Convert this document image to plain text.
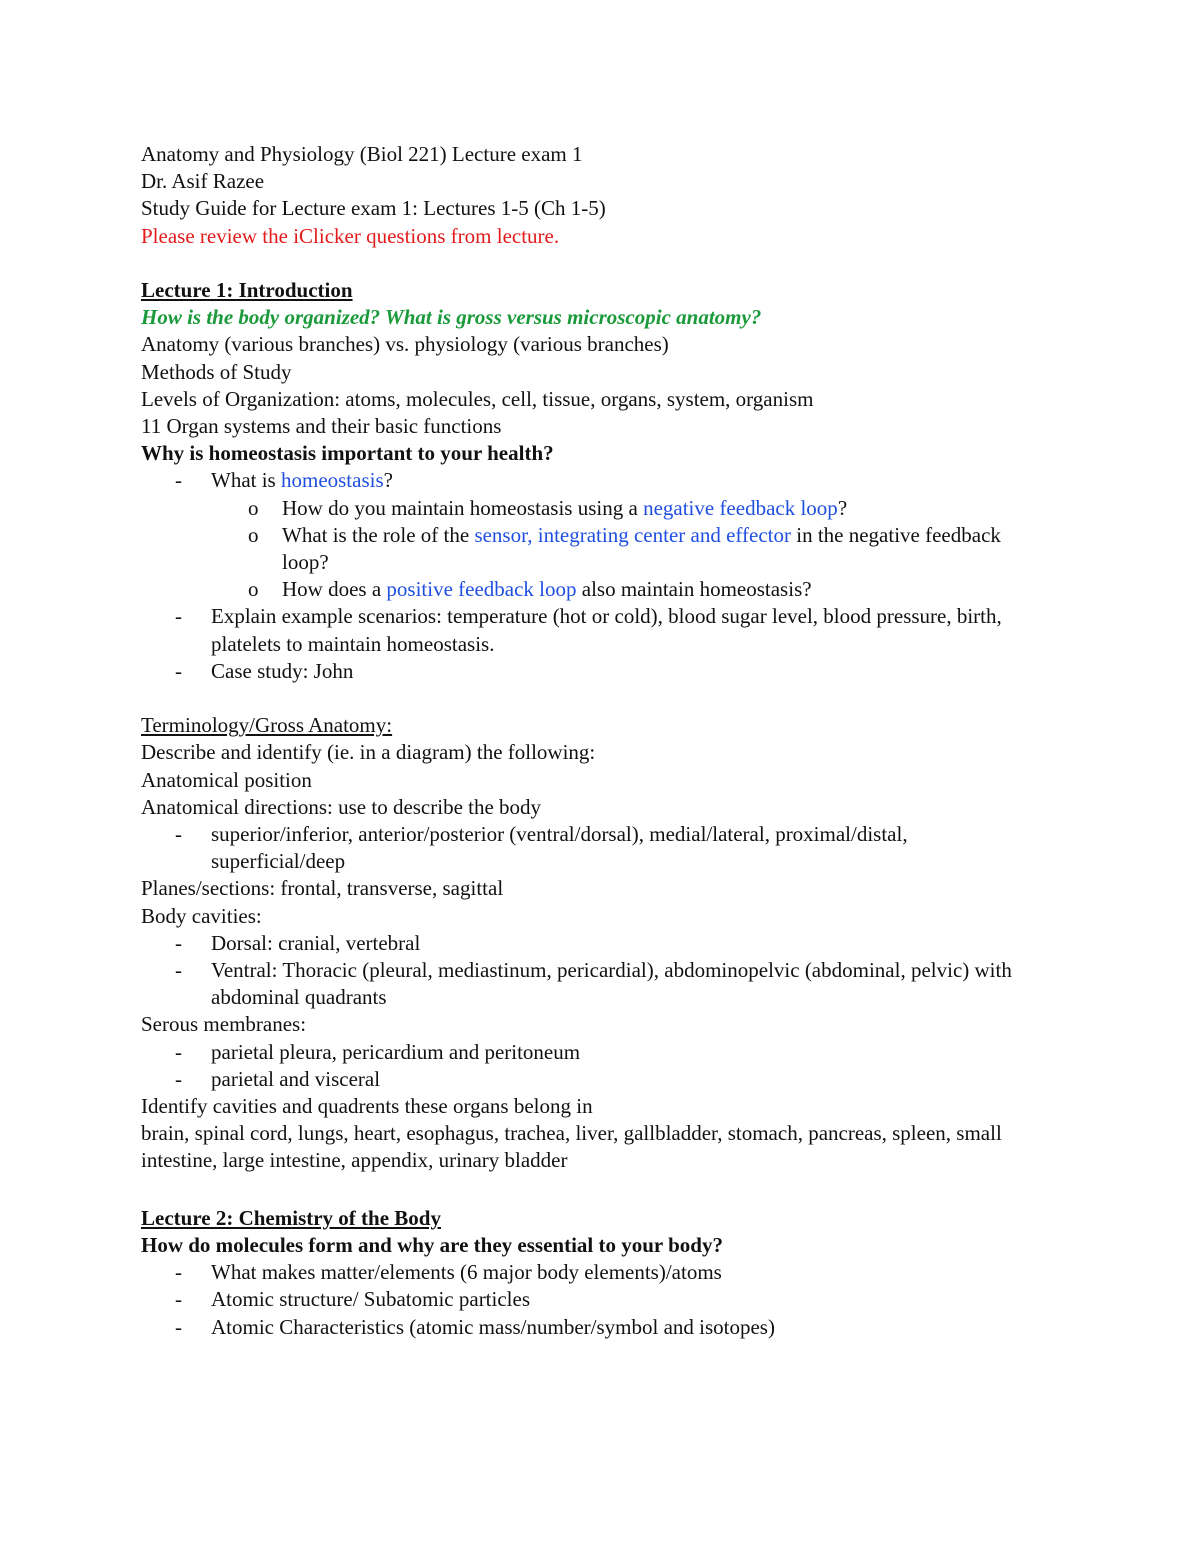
Anatomy and Physiology (Biol 221) Lecture exam 1
Dr. Asif Razee
Study Guide for Lecture exam 1: Lectures 1-5 (Ch 1-5)
Please review the iClicker questions from lecture.
Lecture 1: Introduction
How is the body organized? What is gross versus microscopic anatomy?
Anatomy (various branches) vs. physiology (various branches)
Methods of Study
Levels of Organization: atoms, molecules, cell, tissue, organs, system, organism
11 Organ systems and their basic functions
Why is homeostasis important to your health?
- What is homeostasis?
o How do you maintain homeostasis using a negative feedback loop?
o What is the role of the sensor, integrating center and effector in the negative feedback
loop?
o How does a positive feedback loop also maintain homeostasis?
- Explain example scenarios: temperature (hot or cold), blood sugar level, blood pressure, birth,
platelets to maintain homeostasis.
- Case study: John
Terminology/Gross Anatomy:
Describe and identify (ie. in a diagram) the following:
Anatomical position
Anatomical directions: use to describe the body
- superior/inferior, anterior/posterior (ventral/dorsal), medial/lateral, proximal/distal,
superficial/deep
Planes/sections: frontal, transverse, sagittal
Body cavities:
- Dorsal: cranial, vertebral
- Ventral: Thoracic (pleural, mediastinum, pericardial), abdominopelvic (abdominal, pelvic) with
abdominal quadrants
Serous membranes:
- parietal pleura, pericardium and peritoneum
- parietal and visceral
Identify cavities and quadrents these organs belong in
brain, spinal cord, lungs, heart, esophagus, trachea, liver, gallbladder, stomach, pancreas, spleen, small
intestine, large intestine, appendix, urinary bladder
Lecture 2: Chemistry of the Body
How do molecules form and why are they essential to your body?
- What makes matter/elements (6 major body elements)/atoms
- Atomic structure/ Subatomic particles
- Atomic Characteristics (atomic mass/number/symbol and isotopes)
